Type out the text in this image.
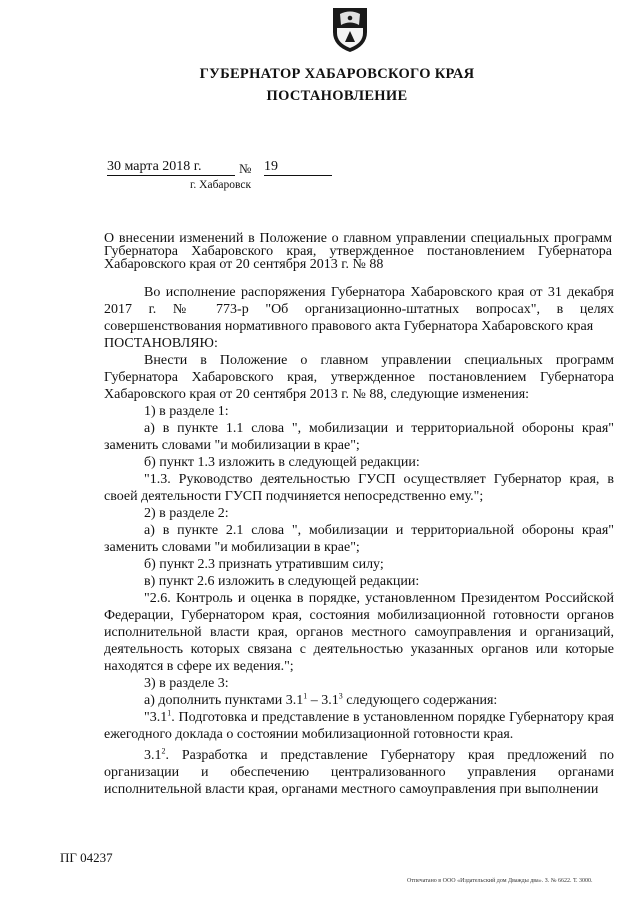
ГУБЕРНАТОР ХАБАРОВСКОГО КРАЯ

ПОСТАНОВЛЕНИЕ

30 марта 2018 г.	№ 19
г. Хабаровск
О внесении изменений в Положение о главном управлении специальных программ Губернатора Хабаровского края, утвержденное постановлением Губернатора Хабаровского края от 20 сентября 2013 г. № 88

Во исполнение распоряжения Губернатора Хабаровского края от 31 декабря 2017 г. № 773-р "Об организационно-штатных вопросах", в целях совершенствования нормативного правового акта Губернатора Хабаровского края

ПОСТАНОВЛЯЮ:

Внести в Положение о главном управлении специальных программ Губернатора Хабаровского края, утвержденное постановлением Губернатора Хабаровского края от 20 сентября 2013 г. № 88, следующие изменения:

1) в разделе 1:

а) в пункте 1.1 слова ", мобилизации и территориальной обороны края" заменить словами "и мобилизации в крае";

б) пункт 1.3 изложить в следующей редакции:

"1.3. Руководство деятельностью ГУСП осуществляет Губернатор края, в своей деятельности ГУСП подчиняется непосредственно ему.";

2) в разделе 2:

а) в пункте 2.1 слова ", мобилизации и территориальной обороны края" заменить словами "и мобилизации в крае";

б) пункт 2.3 признать утратившим силу;

в) пункт 2.6 изложить в следующей редакции:

"2.6. Контроль и оценка в порядке, установленном Президентом Российской Федерации, Губернатором края, состояния мобилизационной готовности органов исполнительной власти края, органов местного самоуправления и организаций, деятельность которых связана с деятельностью указанных органов или которые находятся в сфере их ведения.";

3) в разделе 3:

а) дополнить пунктами $3.1^1 - 3.1^3$ следующего содержания:

"$3.1^1$. Подготовка и представление в установленном порядке Губернатору края ежегодного доклада о состоянии мобилизационной готовности края.

$3.1^2$. Разработка и представление Губернатору края предложений по организации и обеспечению централизованного управления органами исполнительной власти края, органами местного самоуправления при выполнении

ПГ 04237
Отпечатано в ООО «Издательский дом Дважды два». З. № 6622. Т. 3000.
